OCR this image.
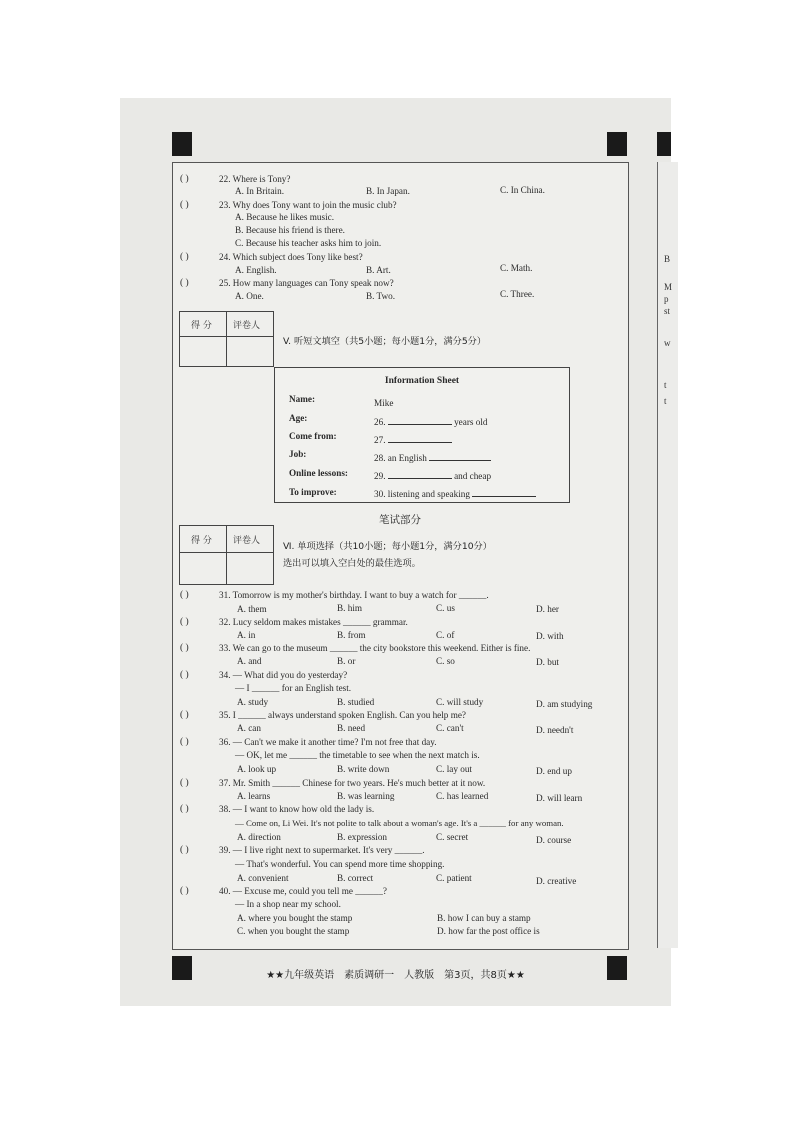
B
M
p
st
w
t
t
( )	22. Where is Tony?
A. In Britain.	B. In Japan.	C. In China.
( )	23. Why does Tony want to join the music club?
A. Because he likes music.
B. Because his friend is there.
C. Because his teacher asks him to join.
( )	24. Which subject does Tony like best?
A. English.	B. Art.	C. Math.
( )	25. How many languages can Tony speak now?
A. One.	B. Two.	C. Three.
得 分 评卷人
V. 听短文填空（共5小题；每小题1分，满分5分）
Information Sheet
Name:	Mike
Age:	26.	years old
Come from:	27.
Job:	28. an English
Online lessons:	29.	and cheap
To improve:	30. listening and speaking
笔试部分
得 分 评卷人 Ⅵ. 单项选择（共10小题；每小题1分，满分10分）
选出可以填入空白处的最佳选项。
( )	31. Tomorrow is my mother's birthday. I want to buy a watch for ______.
A. them	B. him	C. us	D. her
( )	32. Lucy seldom makes mistakes ______ grammar.
A. in	B. from	C. of	D. with
( )	33. We can go to the museum ______ the city bookstore this weekend. Either is fine.
A. and	B. or	C. so	D. but
( )	34. — What did you do yesterday?
— I ______ for an English test.
A. study	B. studied	C. will study	D. am studying
( )	35. I ______ always understand spoken English. Can you help me?
A. can	B. need	C. can't	D. needn't
( )	36. — Can't we make it another time? I'm not free that day.
— OK, let me ______ the timetable to see when the next match is.
A. look up	B. write down	C. lay out	D. end up
( )	37. Mr. Smith ______ Chinese for two years. He's much better at it now.
A. learns	B. was learning	C. has learned	D. will learn
( )	38. — I want to know how old the lady is.
— Come on, Li Wei. It's not polite to talk about a woman's age. It's a ______ for any woman.
A. direction	B. expression	C. secret	D. course
( )	39. — I live right next to supermarket. It's very ______.
— That's wonderful. You can spend more time shopping.
A. convenient	B. correct	C. patient	D. creative
( )	40. — Excuse me, could you tell me ______?
— In a shop near my school.
A. where you bought the stamp	B. how I can buy a stamp
C. when you bought the stamp	D. how far the post office is
★★九年级英语　素质调研一　人教版　第3页，共8页★★
